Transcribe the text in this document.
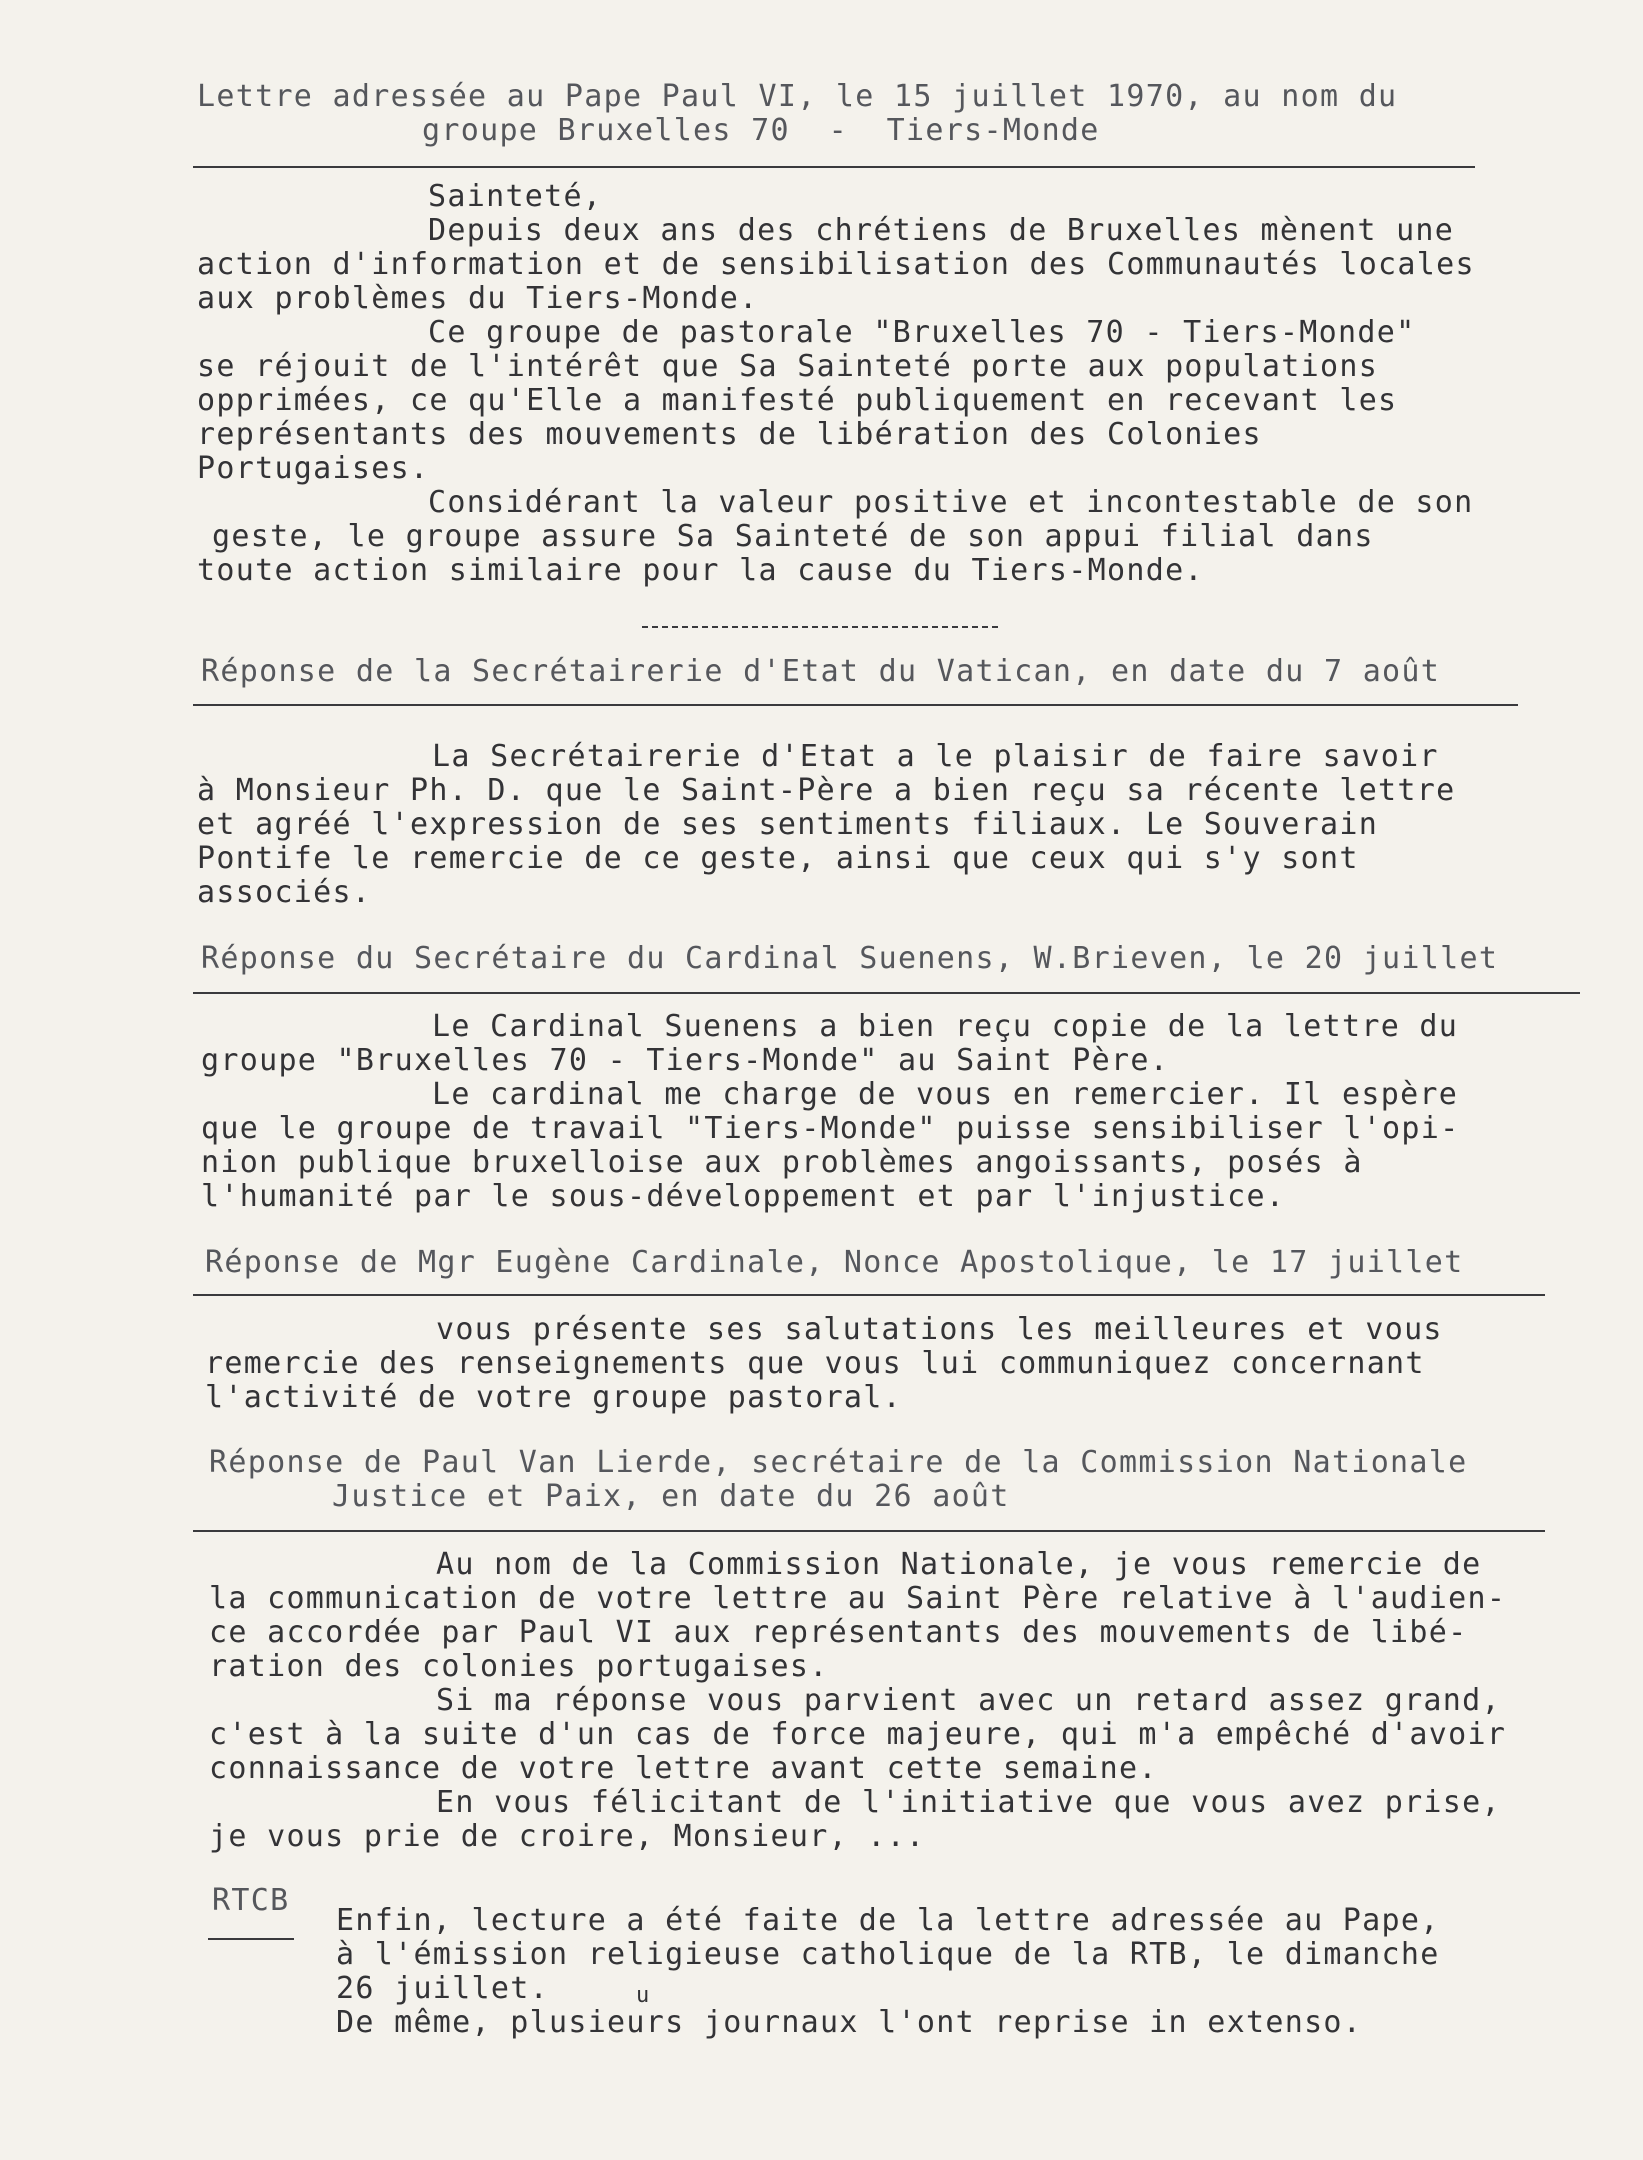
Lettre adressée au Pape Paul VI, le 15 juillet 1970, au nom du
groupe Bruxelles 70  -  Tiers-Monde
Sainteté,
Depuis deux ans des chrétiens de Bruxelles mènent une
action d'information et de sensibilisation des Communautés locales
aux problèmes du Tiers-Monde.
Ce groupe de pastorale "Bruxelles 70 - Tiers-Monde"
se réjouit de l'intérêt que Sa Sainteté porte aux populations
opprimées, ce qu'Elle a manifesté publiquement en recevant les
représentants des mouvements de libération des Colonies
Portugaises.
Considérant la valeur positive et incontestable de son
geste, le groupe assure Sa Sainteté de son appui filial dans
toute action similaire pour la cause du Tiers-Monde.
Réponse de la Secrétairerie d'Etat du Vatican, en date du 7 août
La Secrétairerie d'Etat a le plaisir de faire savoir
à Monsieur Ph. D. que le Saint-Père a bien reçu sa récente lettre
et agréé l'expression de ses sentiments filiaux. Le Souverain
Pontife le remercie de ce geste, ainsi que ceux qui s'y sont
associés.
Réponse du Secrétaire du Cardinal Suenens, W.Brieven, le 20 juillet
Le Cardinal Suenens a bien reçu copie de la lettre du
groupe "Bruxelles 70 - Tiers-Monde" au Saint Père.
Le cardinal me charge de vous en remercier. Il espère
que le groupe de travail "Tiers-Monde" puisse sensibiliser l'opi-
nion publique bruxelloise aux problèmes angoissants, posés à
l'humanité par le sous-développement et par l'injustice.
Réponse de Mgr Eugène Cardinale, Nonce Apostolique, le 17 juillet
vous présente ses salutations les meilleures et vous
remercie des renseignements que vous lui communiquez concernant
l'activité de votre groupe pastoral.
Réponse de Paul Van Lierde, secrétaire de la Commission Nationale
Justice et Paix, en date du 26 août
Au nom de la Commission Nationale, je vous remercie de
la communication de votre lettre au Saint Père relative à l'audien-
ce accordée par Paul VI aux représentants des mouvements de libé-
ration des colonies portugaises.
Si ma réponse vous parvient avec un retard assez grand,
c'est à la suite d'un cas de force majeure, qui m'a empêché d'avoir
connaissance de votre lettre avant cette semaine.
En vous félicitant de l'initiative que vous avez prise,
je vous prie de croire, Monsieur, ...
RTCB
Enfin, lecture a été faite de la lettre adressée au Pape,
à l'émission religieuse catholique de la RTB, le dimanche
26 juillet.	u
De même, plusieurs journaux l'ont reprise in extenso.
